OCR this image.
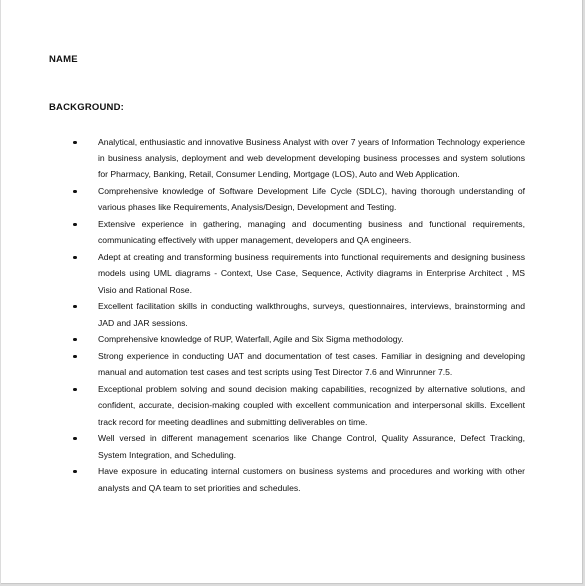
NAME
BACKGROUND:
Analytical, enthusiastic and innovative Business Analyst with over 7 years of Information Technology experience in business analysis, deployment and web development developing business processes and system solutions for Pharmacy, Banking, Retail, Consumer Lending, Mortgage (LOS), Auto and Web Application.
Comprehensive knowledge of Software Development Life Cycle (SDLC), having thorough understanding of various phases like Requirements, Analysis/Design, Development and Testing.
Extensive experience in gathering, managing and documenting business and functional requirements, communicating effectively with upper management, developers and QA engineers.
Adept at creating and transforming business requirements into functional requirements and designing business models using UML diagrams - Context, Use Case, Sequence, Activity diagrams in Enterprise Architect , MS Visio and Rational Rose.
Excellent facilitation skills in conducting walkthroughs, surveys, questionnaires, interviews, brainstorming and JAD and JAR sessions.
Comprehensive knowledge of RUP, Waterfall, Agile and Six Sigma methodology.
Strong experience in conducting UAT and documentation of test cases. Familiar in designing and developing manual and automation test cases and test scripts using Test Director 7.6 and Winrunner 7.5.
Exceptional problem solving and sound decision making capabilities, recognized by alternative solutions, and confident, accurate, decision-making coupled with excellent communication and interpersonal skills. Excellent track record for meeting deadlines and submitting deliverables on time.
Well versed in different management scenarios like Change Control, Quality Assurance, Defect Tracking, System Integration, and Scheduling.
Have exposure in educating internal customers on business systems and procedures and working with other analysts and QA team to set priorities and schedules.
